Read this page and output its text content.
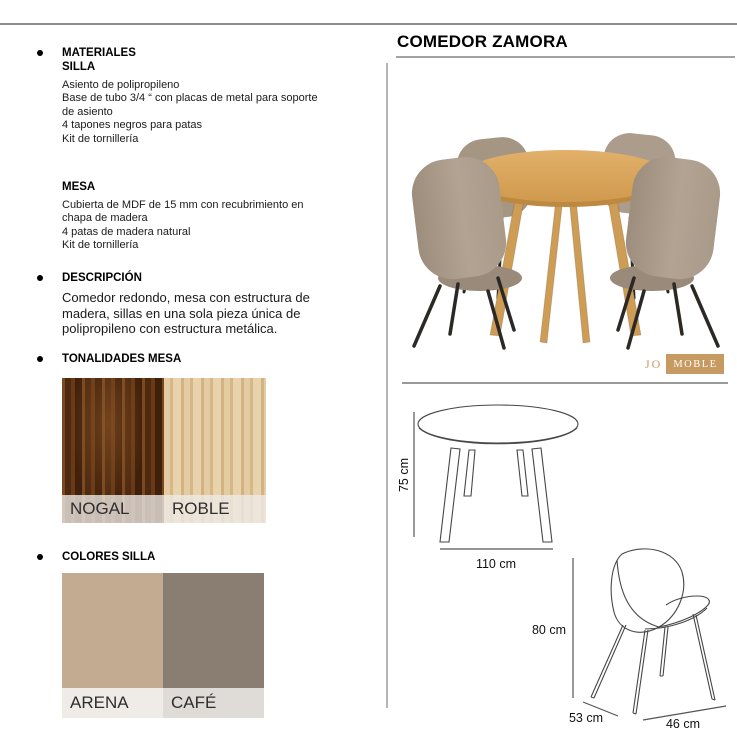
MATERIALES
SILLA

Asiento de polipropileno

Base de tubo 3/4 “ con placas de metal para soporte de asiento

4 tapones negros para patas

Kit de tornillería

MESA

Cubierta de MDF de 15 mm con recubrimiento en chapa de madera

4 patas de madera natural

Kit de tornillería

DESCRIPCIÓN

Comedor redondo, mesa con estructura de madera, sillas en una sola pieza única de polipropileno con estructura metálica.

TONALIDADES MESA
NOGAL	ROBLE
COLORES SILLA
ARENA	CAFÉ
COMEDOR ZAMORA
JO	MOBLE
75 cm
110 cm
80 cm
53 cm	46 cm
